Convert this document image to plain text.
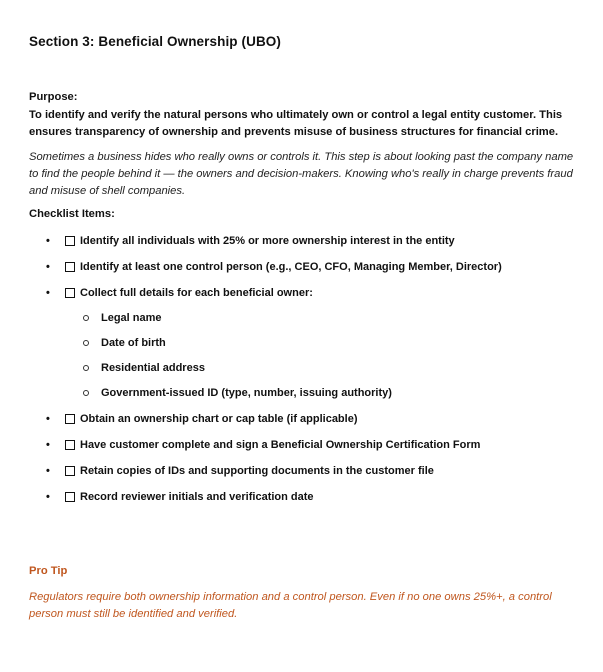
Section 3: Beneficial Ownership (UBO)
Purpose:
To identify and verify the natural persons who ultimately own or control a legal entity customer. This ensures transparency of ownership and prevents misuse of business structures for financial crime.
Sometimes a business hides who really owns or controls it. This step is about looking past the company name to find the people behind it — the owners and decision-makers. Knowing who's really in charge prevents fraud and misuse of shell companies.
Checklist Items:
•	Identify all individuals with 25% or more ownership interest in the entity
•	Identify at least one control person (e.g., CEO, CFO, Managing Member, Director)
•	Collect full details for each beneficial owner:
Legal name
Date of birth
Residential address
Government-issued ID (type, number, issuing authority)
•	Obtain an ownership chart or cap table (if applicable)
•	Have customer complete and sign a Beneficial Ownership Certification Form
•	Retain copies of IDs and supporting documents in the customer file
•	Record reviewer initials and verification date
Pro Tip
Regulators require both ownership information and a control person. Even if no one owns 25%+, a control person must still be identified and verified.
